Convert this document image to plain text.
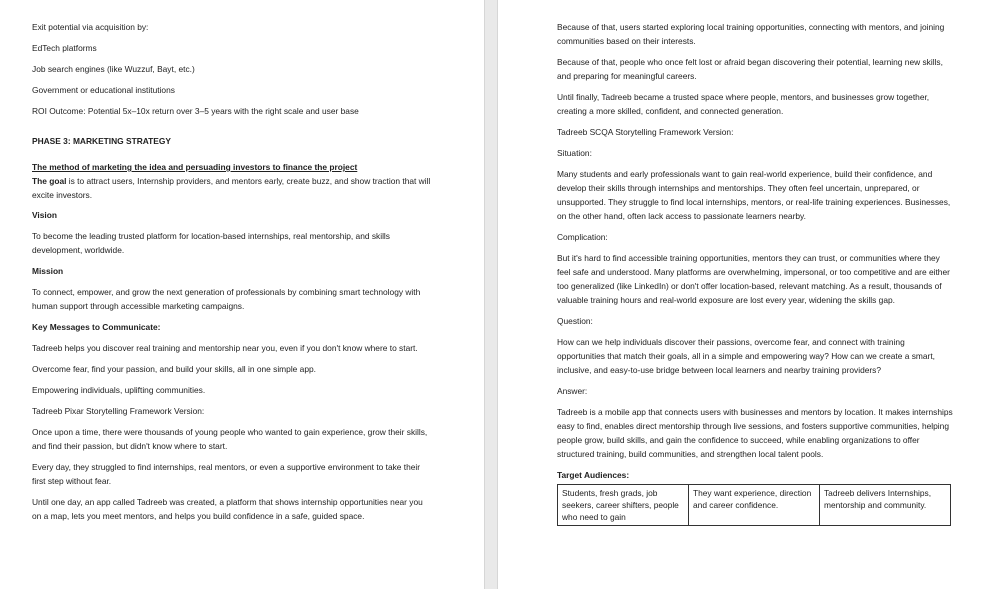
Exit potential via acquisition by:

EdTech platforms

Job search engines (like Wuzzuf, Bayt, etc.)

Government or educational institutions

ROI Outcome: Potential 5x–10x return over 3–5 years with the right scale and user base

PHASE 3: MARKETING STRATEGY

The method of marketing the idea and persuading investors to finance the project
The goal is to attract users, Internship providers, and mentors early, create buzz, and show traction that will excite investors.

Vision

To become the leading trusted platform for location-based internships, real mentorship, and skills development, worldwide.

Mission

To connect, empower, and grow the next generation of professionals by combining smart technology with human support through accessible marketing campaigns.

Key Messages to Communicate:

Tadreeb helps you discover real training and mentorship near you, even if you don't know where to start.

Overcome fear, find your passion, and build your skills, all in one simple app.

Empowering individuals, uplifting communities.

Tadreeb Pixar Storytelling Framework Version:

Once upon a time, there were thousands of young people who wanted to gain experience, grow their skills, and find their passion, but didn't know where to start.

Every day, they struggled to find internships, real mentors, or even a supportive environment to take their first step without fear.

Until one day, an app called Tadreeb was created, a platform that shows internship opportunities near you on a map, lets you meet mentors, and helps you build confidence in a safe, guided space.

Because of that, users started exploring local training opportunities, connecting with mentors, and joining communities based on their interests.

Because of that, people who once felt lost or afraid began discovering their potential, learning new skills, and preparing for meaningful careers.

Until finally, Tadreeb became a trusted space where people, mentors, and businesses grow together, creating a more skilled, confident, and connected generation.

Tadreeb SCQA Storytelling Framework Version:

Situation:

Many students and early professionals want to gain real-world experience, build their confidence, and develop their skills through internships and mentorships. They often feel uncertain, unprepared, or unsupported. They struggle to find local internships, mentors, or real-life training experiences. Businesses, on the other hand, often lack access to passionate learners nearby.

Complication:

But it's hard to find accessible training opportunities, mentors they can trust, or communities where they feel safe and understood. Many platforms are overwhelming, impersonal, or too competitive and are either too generalized (like LinkedIn) or don't offer location-based, relevant matching. As a result, thousands of valuable training hours and real-world exposure are lost every year, widening the skills gap.

Question:

How can we help individuals discover their passions, overcome fear, and connect with training opportunities that match their goals, all in a simple and empowering way? How can we create a smart, inclusive, and easy-to-use bridge between local learners and nearby training providers?

Answer:

Tadreeb is a mobile app that connects users with businesses and mentors by location. It makes internships easy to find, enables direct mentorship through live sessions, and fosters supportive communities, helping people grow, build skills, and gain the confidence to succeed, while enabling organizations to offer structured training, build communities, and strengthen local talent pools.

Target Audiences:

Students, fresh grads, job seekers, career shifters, people who need to gain	They want experience, direction and career confidence.	Tadreeb delivers Internships, mentorship and community.
